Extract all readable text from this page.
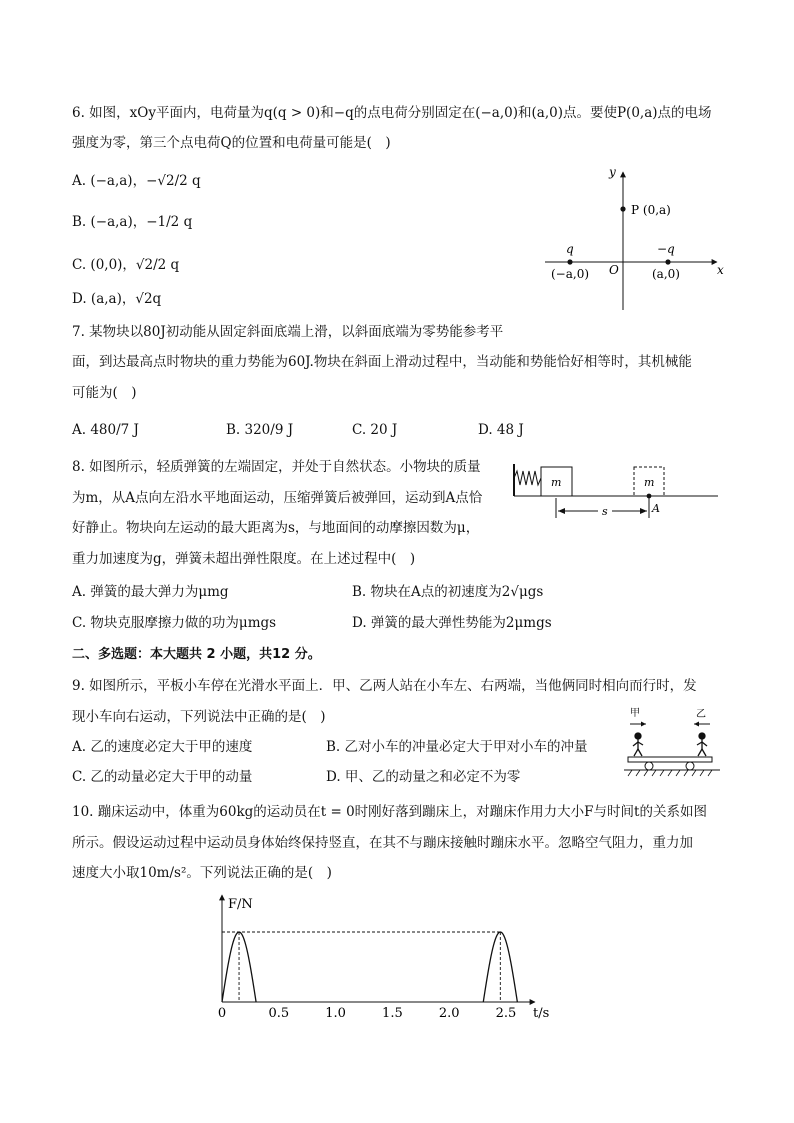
6. 如图，xOy平面内，电荷量为q(q > 0)和−q的点电荷分别固定在(−a,0)和(a,0)点。要使P(0,a)点的电场
强度为零，第三个点电荷Q的位置和电荷量可能是(　)
A. (−a,a)，−√2/2 q
B. (−a,a)，−1/2 q
C. (0,0)，√2/2 q
D. (a,a)，√2q
y
x
O
P (0,a)
q
(−a,0)
−q
(a,0)
7. 某物块以80J初动能从固定斜面底端上滑，以斜面底端为零势能参考平
面，到达最高点时物块的重力势能为60J.物块在斜面上滑动过程中，当动能和势能恰好相等时，其机械能
可能为(　)
A. 480/7 J	B. 320/9 J	C. 20 J	D. 48 J
8. 如图所示，轻质弹簧的左端固定，并处于自然状态。小物块的质量
为m，从A点向左沿水平地面运动，压缩弹簧后被弹回，运动到A点恰
好静止。物块向左运动的最大距离为s，与地面间的动摩擦因数为μ，
重力加速度为g，弹簧未超出弹性限度。在上述过程中(　)
A. 弹簧的最大弹力为μmg	B. 物块在A点的初速度为2√μgs
C. 物块克服摩擦力做的功为μmgs	D. 弹簧的最大弹性势能为2μmgs
m	m
A
s
二、多选题：本大题共 2 小题，共12 分。
9. 如图所示，平板小车停在光滑水平面上．甲、乙两人站在小车左、右两端，当他俩同时相向而行时，发
现小车向右运动，下列说法中正确的是(　)
A. 乙的速度必定大于甲的速度	B. 乙对小车的冲量必定大于甲对小车的冲量
C. 乙的动量必定大于甲的动量	D. 甲、乙的动量之和必定不为零
甲	乙
10. 蹦床运动中，体重为60kg的运动员在t = 0时刚好落到蹦床上，对蹦床作用力大小F与时间t的关系如图
所示。假设运动过程中运动员身体始终保持竖直，在其不与蹦床接触时蹦床水平。忽略空气阻力，重力加
速度大小取10m/s²。下列说法正确的是(　)
F/N
t/s
0	0.5	1.0	1.5	2.0	2.5
